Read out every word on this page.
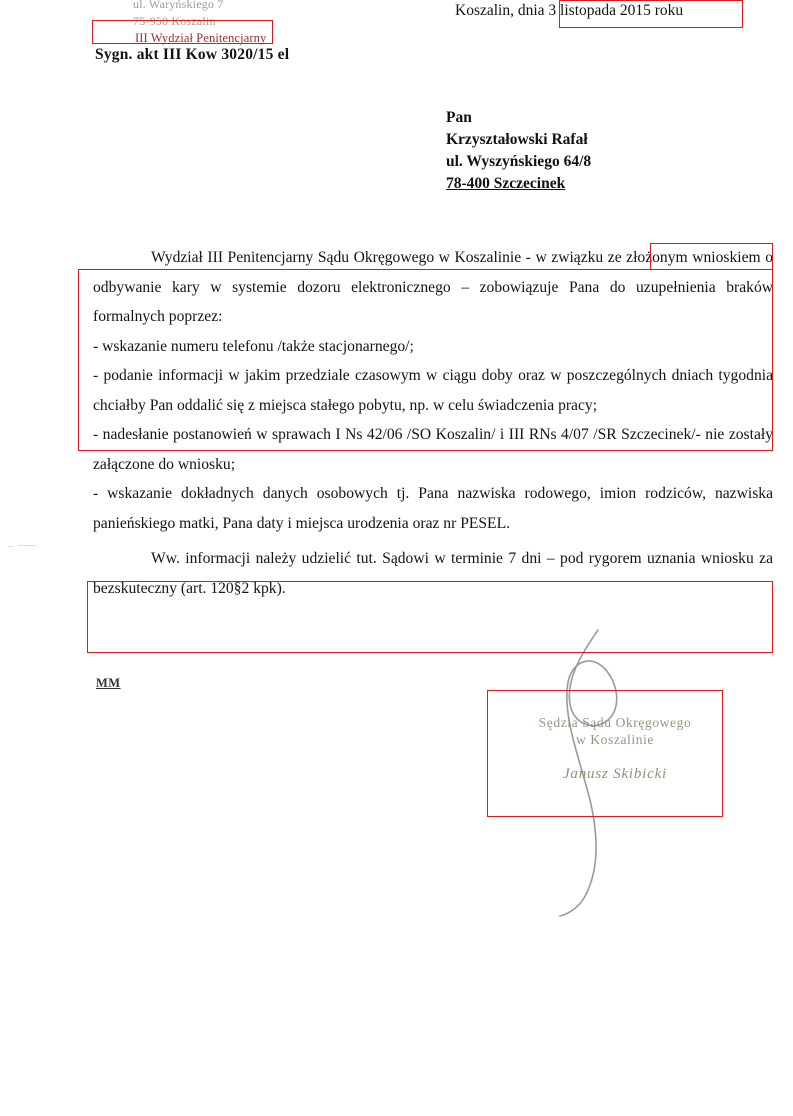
ul. Waryńskiego 7
75-950 Koszalin
III Wydział Penitencjarny
Sygn. akt III Kow 3020/15 el
Koszalin, dnia 3 listopada 2015 roku
Pan
Krzyształowski Rafał
ul. Wyszyńskiego 64/8
78-400 Szczecinek

Wydział III Penitencjarny Sądu Okręgowego w Koszalinie - w związku ze złożonym wnioskiem o odbywanie kary w systemie dozoru elektronicznego – zobowiązuje Pana do uzupełnienia braków formalnych poprzez:

- wskazanie numeru telefonu /także stacjonarnego/;

- podanie informacji w jakim przedziale czasowym w ciągu doby oraz w poszczególnych dniach tygodnia chciałby Pan oddalić się z miejsca stałego pobytu, np. w celu świadczenia pracy;

- nadesłanie postanowień w sprawach I Ns 42/06 /SO Koszalin/ i III RNs 4/07 /SR Szczecinek/- nie zostały załączone do wniosku;

- wskazanie dokładnych danych osobowych tj. Pana nazwiska rodowego, imion rodziców, nazwiska panieńskiego matki, Pana daty i miejsca urodzenia oraz nr PESEL.

Ww. informacji należy udzielić tut. Sądowi w terminie 7 dni – pod rygorem uznania wniosku za bezskuteczny (art. 120§2 kpk).

MM
Sędzia Sądu Okręgowego
w Koszalinie
Janusz Skibicki
